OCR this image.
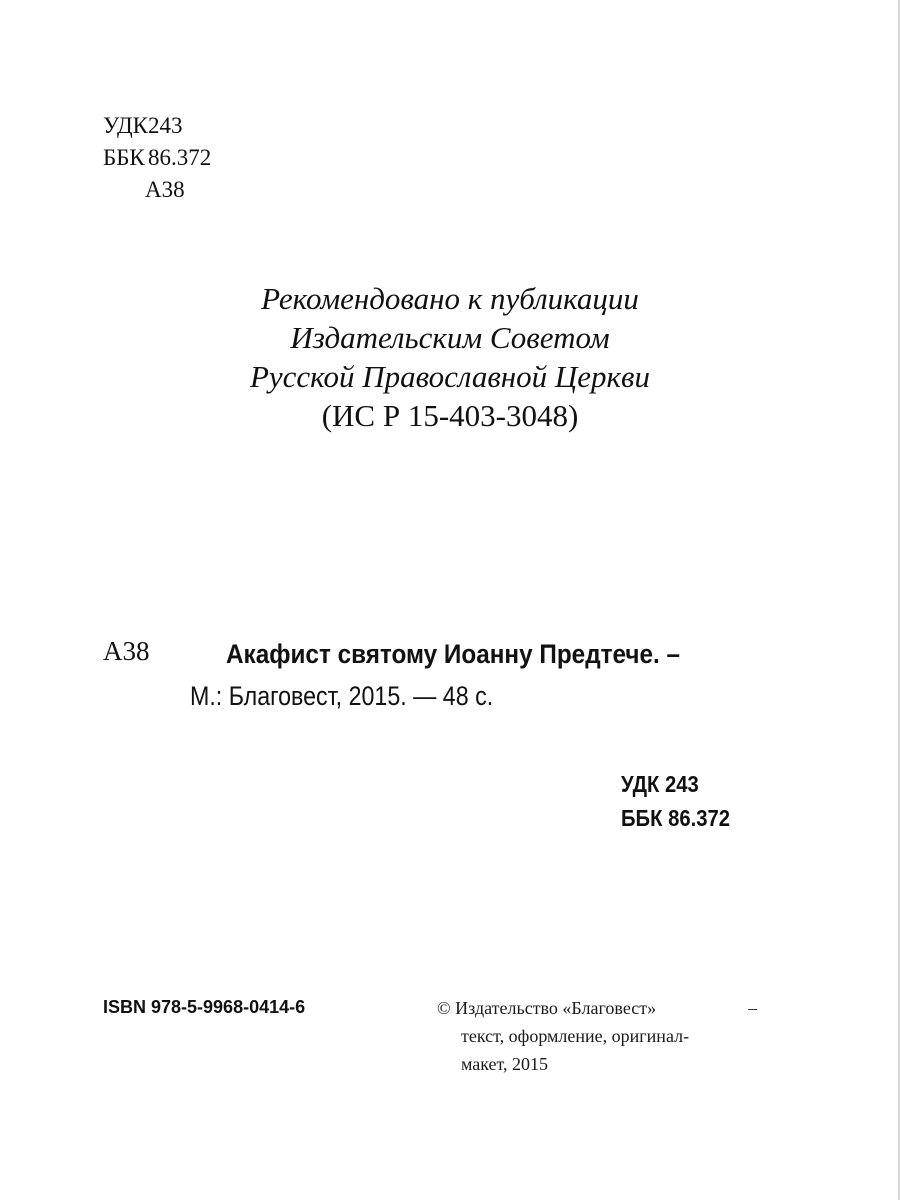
УДК 243
ББК 86.372
А38
Рекомендовано к публикации
Издательским Советом
Русской Православной Церкви
(ИС Р 15-403-3048)
А38	Акафист святому Иоанну Предтече. –
М.: Благовест, 2015. — 48 с.
УДК 243
ББК 86.372
ISBN 978-5-9968-0414-6	© Издательство «Благовест»	–
текст, оформление, оригинал-
макет, 2015
